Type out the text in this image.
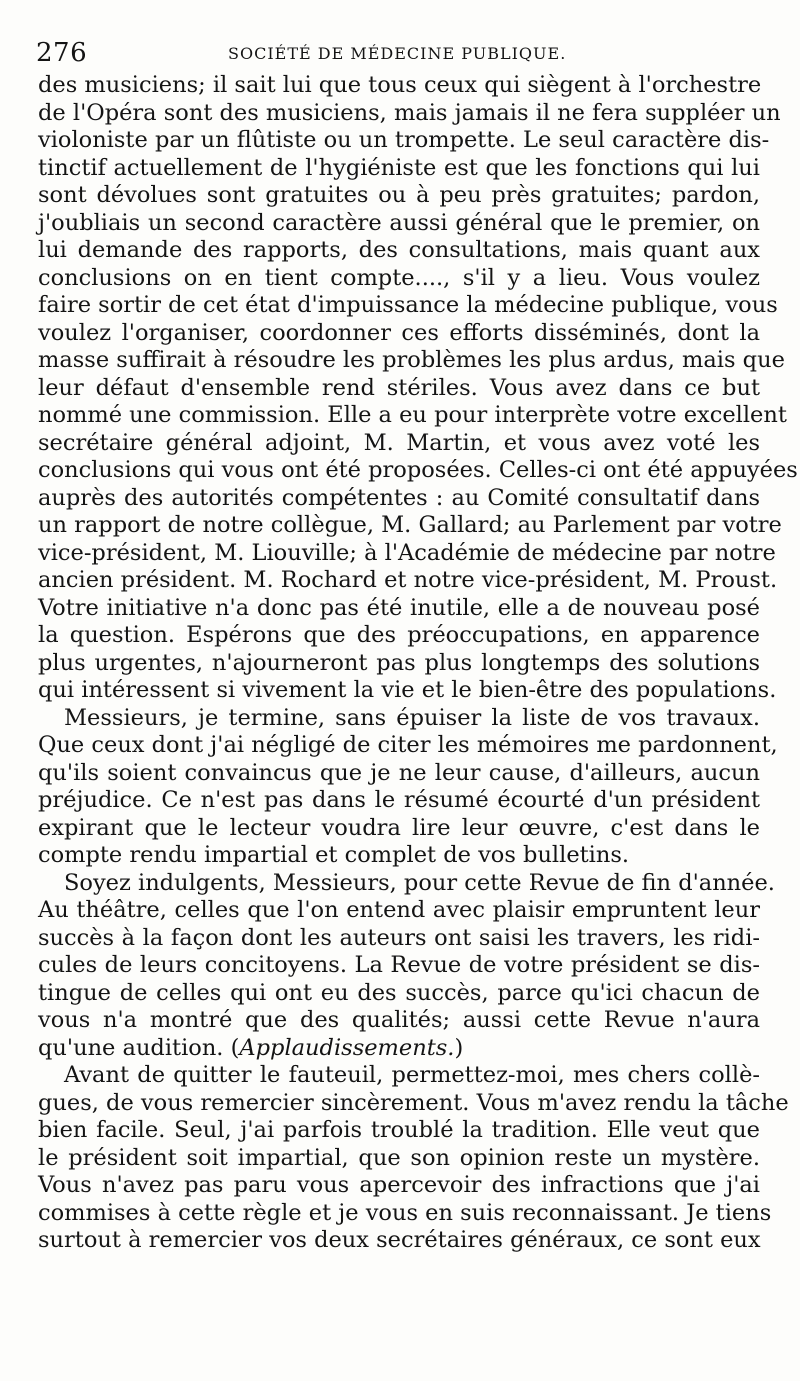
276	SOCIÉTÉ DE MÉDECINE PUBLIQUE.
des musiciens; il sait lui que tous ceux qui siègent à l'orchestre
de l'Opéra sont des musiciens, mais jamais il ne fera suppléer un
violoniste par un flûtiste ou un trompette. Le seul caractère dis-
tinctif actuellement de l'hygiéniste est que les fonctions qui lui
sont dévolues sont gratuites ou à peu près gratuites; pardon,
j'oubliais un second caractère aussi général que le premier, on
lui demande des rapports, des consultations, mais quant aux
conclusions on en tient compte...., s'il y a lieu. Vous voulez
faire sortir de cet état d'impuissance la médecine publique, vous
voulez l'organiser, coordonner ces efforts disséminés, dont la
masse suffirait à résoudre les problèmes les plus ardus, mais que
leur défaut d'ensemble rend stériles. Vous avez dans ce but
nommé une commission. Elle a eu pour interprète votre excellent
secrétaire général adjoint, M. Martin, et vous avez voté les
conclusions qui vous ont été proposées. Celles-ci ont été appuyées
auprès des autorités compétentes : au Comité consultatif dans
un rapport de notre collègue, M. Gallard; au Parlement par votre
vice-président, M. Liouville; à l'Académie de médecine par notre
ancien président. M. Rochard et notre vice-président, M. Proust.
Votre initiative n'a donc pas été inutile, elle a de nouveau posé
la question. Espérons que des préoccupations, en apparence
plus urgentes, n'ajourneront pas plus longtemps des solutions
qui intéressent si vivement la vie et le bien-être des populations.
Messieurs, je termine, sans épuiser la liste de vos travaux.
Que ceux dont j'ai négligé de citer les mémoires me pardonnent,
qu'ils soient convaincus que je ne leur cause, d'ailleurs, aucun
préjudice. Ce n'est pas dans le résumé écourté d'un président
expirant que le lecteur voudra lire leur œuvre, c'est dans le
compte rendu impartial et complet de vos bulletins.
Soyez indulgents, Messieurs, pour cette Revue de fin d'année.
Au théâtre, celles que l'on entend avec plaisir empruntent leur
succès à la façon dont les auteurs ont saisi les travers, les ridi-
cules de leurs concitoyens. La Revue de votre président se dis-
tingue de celles qui ont eu des succès, parce qu'ici chacun de
vous n'a montré que des qualités; aussi cette Revue n'aura
qu'une audition. (Applaudissements.)
Avant de quitter le fauteuil, permettez-moi, mes chers collè-
gues, de vous remercier sincèrement. Vous m'avez rendu la tâche
bien facile. Seul, j'ai parfois troublé la tradition. Elle veut que
le président soit impartial, que son opinion reste un mystère.
Vous n'avez pas paru vous apercevoir des infractions que j'ai
commises à cette règle et je vous en suis reconnaissant. Je tiens
surtout à remercier vos deux secrétaires généraux, ce sont eux
